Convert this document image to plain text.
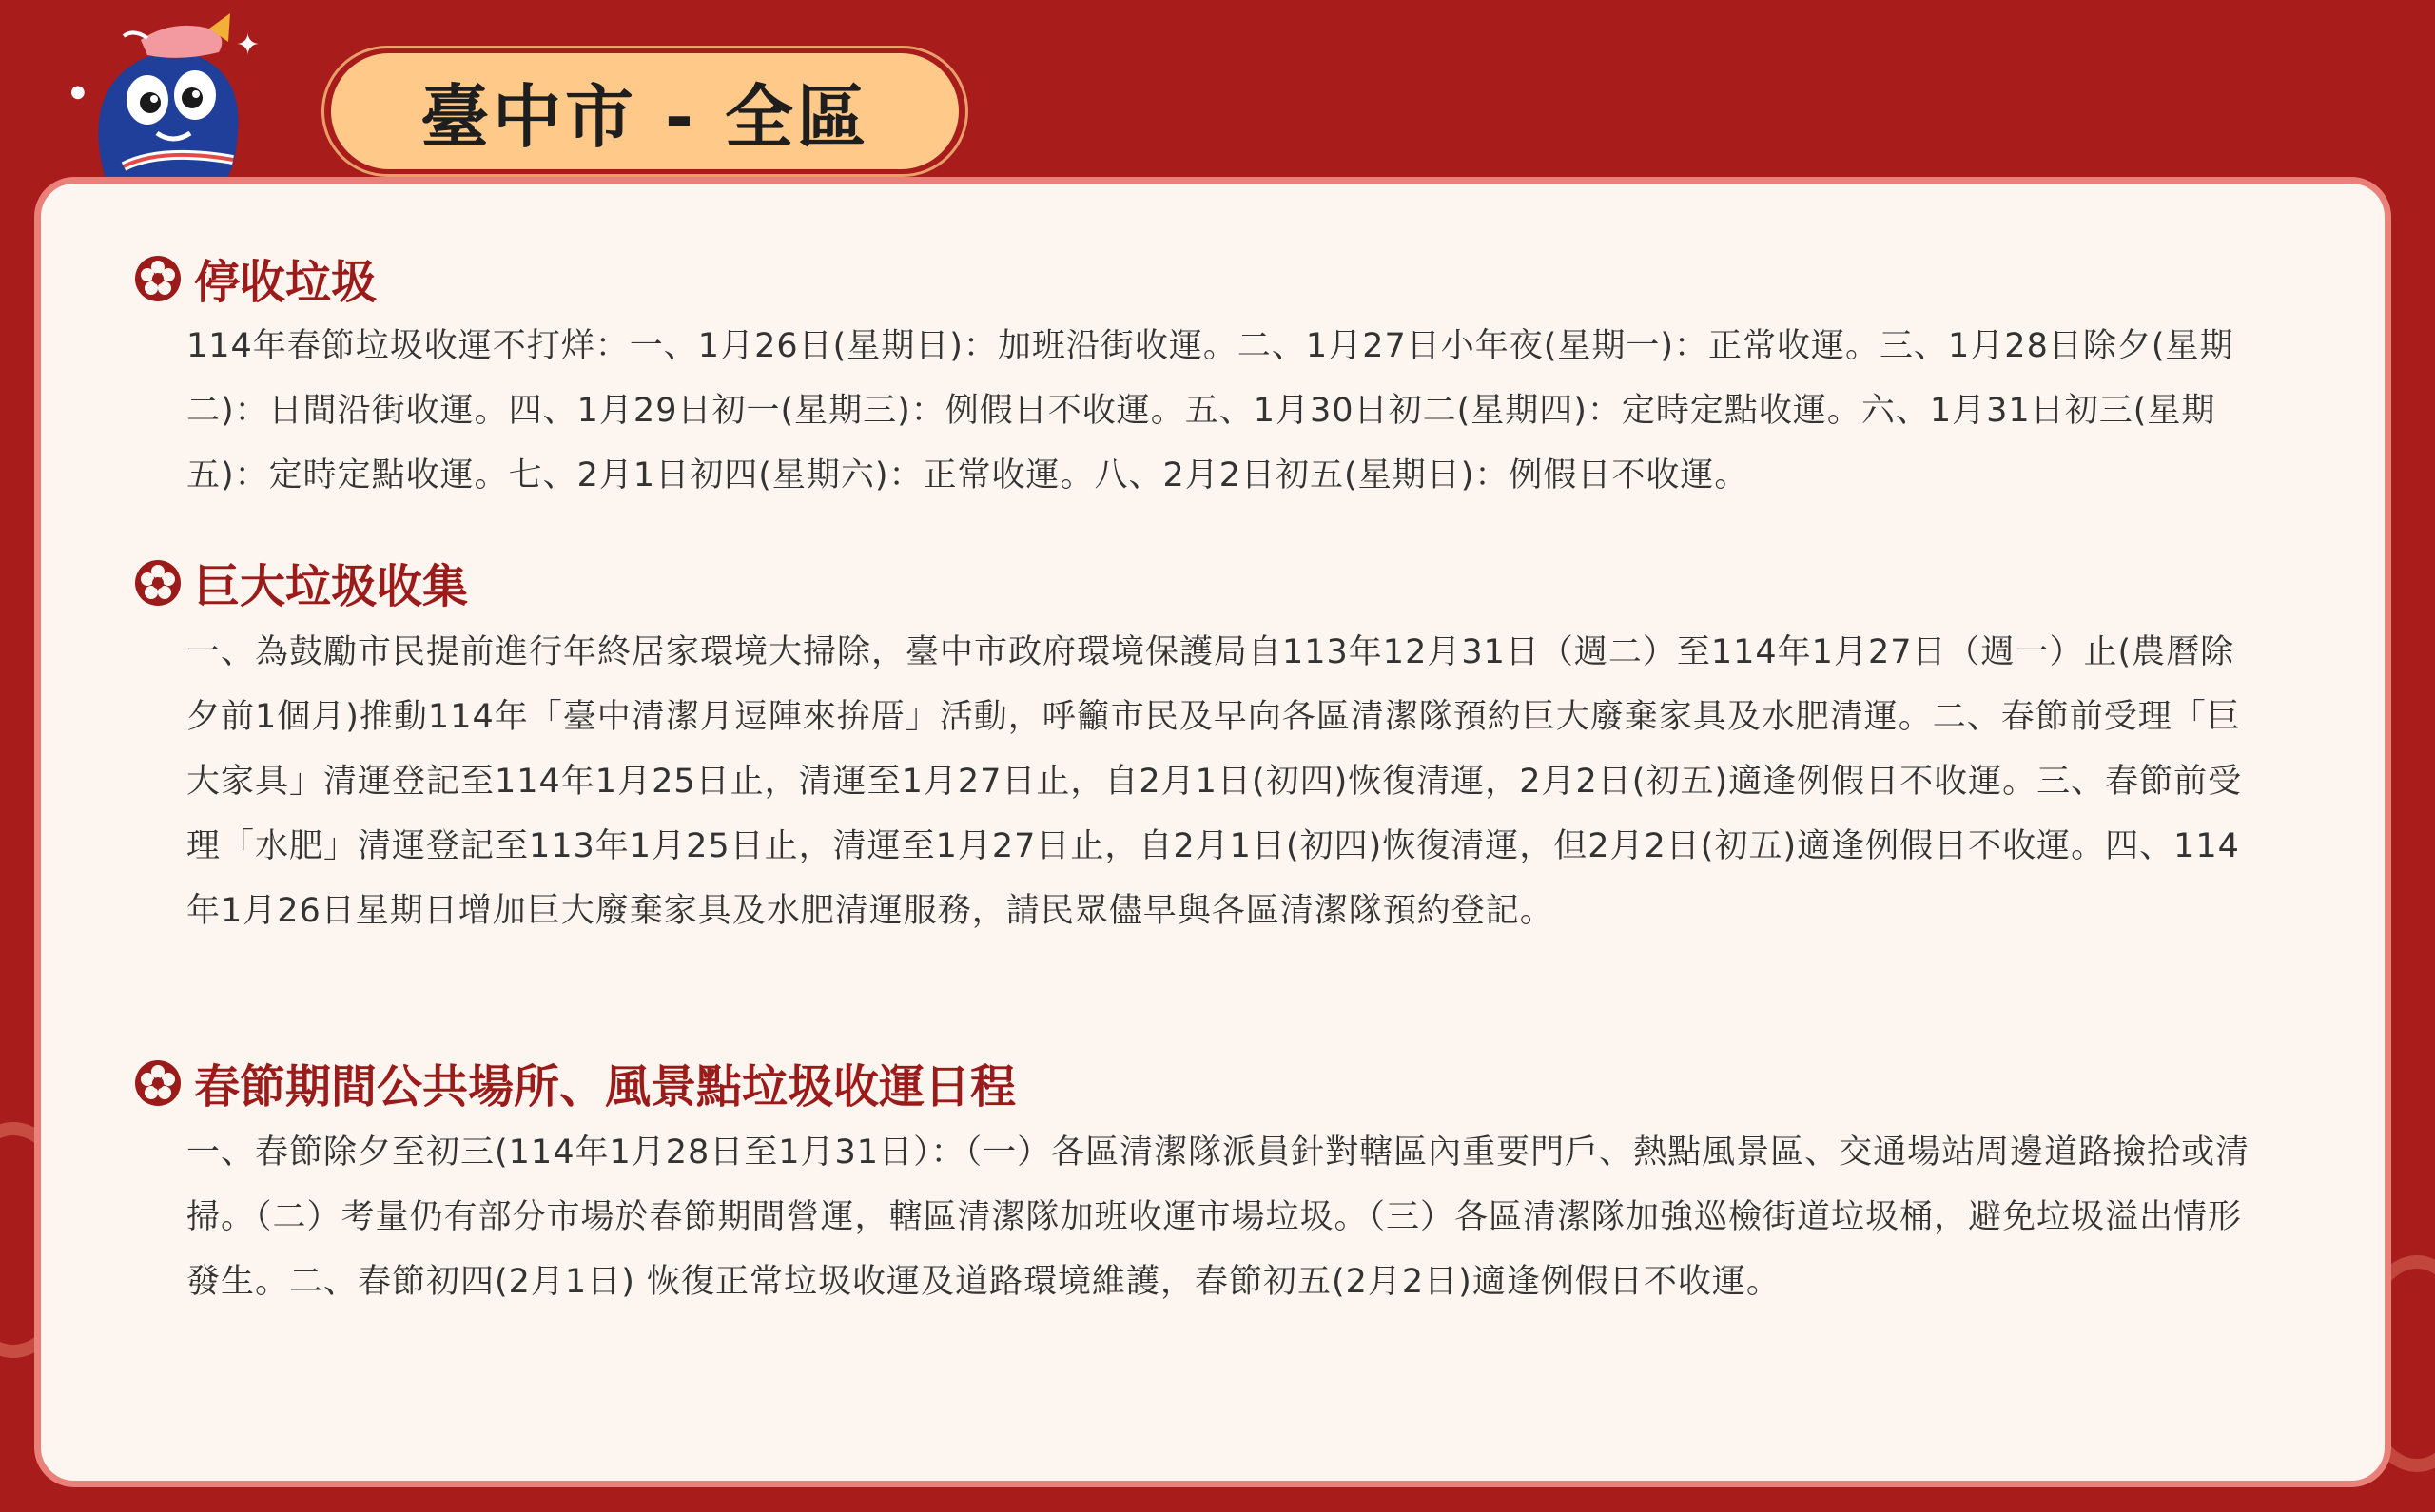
✦
●	臺中市 - 全區
停收垃圾
114年春節垃圾收運不打烊：一、1月26日(星期日)：加班沿街收運。二、1月27日小年夜(星期一)：正常收運。三、1月28日除夕(星期二)：日間沿街收運。四、1月29日初一(星期三)：例假日不收運。五、1月30日初二(星期四)：定時定點收運。六、1月31日初三(星期五)：定時定點收運。七、2月1日初四(星期六)：正常收運。八、2月2日初五(星期日)：例假日不收運。
巨大垃圾收集
一、為鼓勵市民提前進行年終居家環境大掃除，臺中市政府環境保護局自113年12月31日（週二）至114年1月27日（週一）止(農曆除夕前1個月)推動114年「臺中清潔月逗陣來拚厝」活動，呼籲市民及早向各區清潔隊預約巨大廢棄家具及水肥清運。二、春節前受理「巨大家具」清運登記至114年1月25日止，清運至1月27日止，自2月1日(初四)恢復清運，2月2日(初五)適逢例假日不收運。三、春節前受理「水肥」清運登記至113年1月25日止，清運至1月27日止，自2月1日(初四)恢復清運，但2月2日(初五)適逢例假日不收運。四、114年1月26日星期日增加巨大廢棄家具及水肥清運服務，請民眾儘早與各區清潔隊預約登記。
春節期間公共場所、風景點垃圾收運日程
一、春節除夕至初三(114年1月28日至1月31日）：（一）各區清潔隊派員針對轄區內重要門戶、熱點風景區、交通場站周邊道路撿拾或清掃。（二）考量仍有部分市場於春節期間營運，轄區清潔隊加班收運市場垃圾。（三）各區清潔隊加強巡檢街道垃圾桶，避免垃圾溢出情形發生。二、春節初四(2月1日) 恢復正常垃圾收運及道路環境維護，春節初五(2月2日)適逢例假日不收運。
